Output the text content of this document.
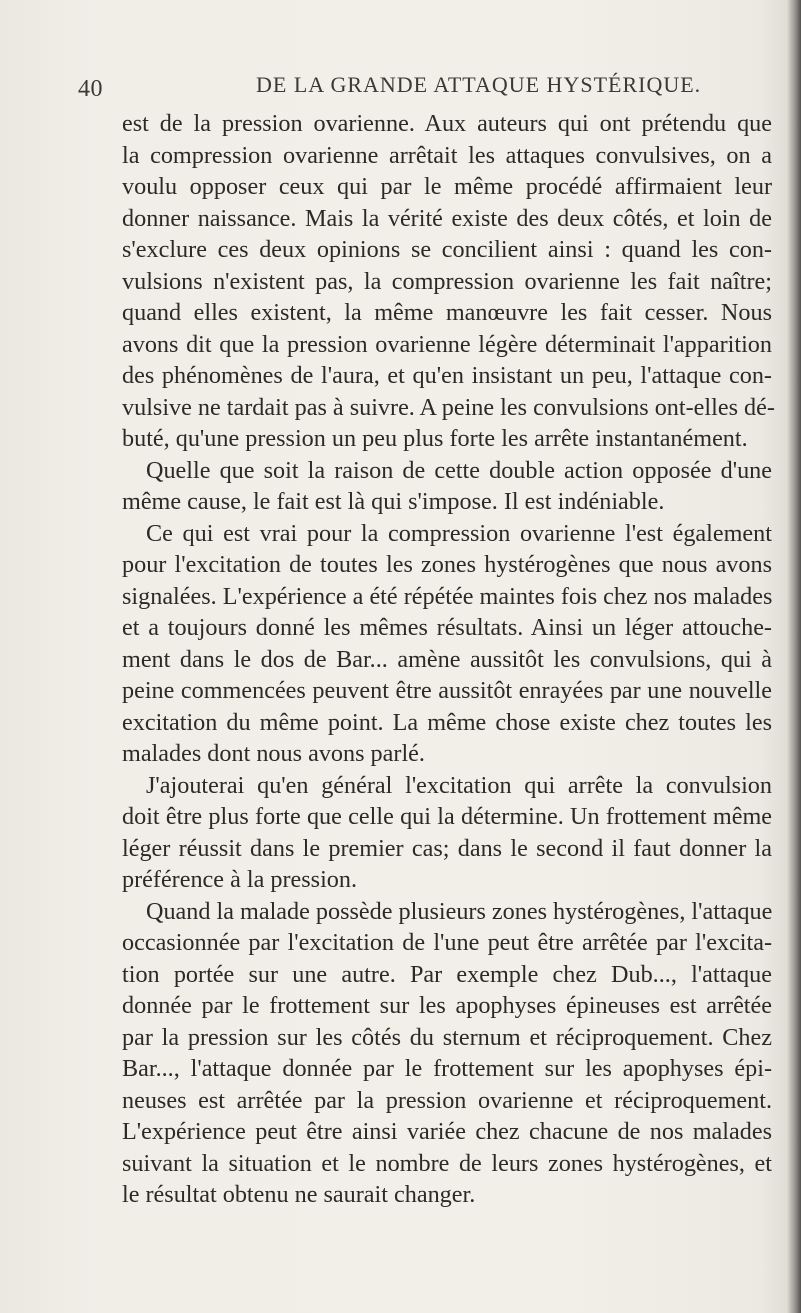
40	DE LA GRANDE ATTAQUE HYSTÉRIQUE.
est de la pression ovarienne. Aux auteurs qui ont prétendu que
la compression ovarienne arrêtait les attaques convulsives, on a
voulu opposer ceux qui par le même procédé affirmaient leur
donner naissance. Mais la vérité existe des deux côtés, et loin de
s'exclure ces deux opinions se concilient ainsi : quand les con-
vulsions n'existent pas, la compression ovarienne les fait naître;
quand elles existent, la même manœuvre les fait cesser. Nous
avons dit que la pression ovarienne légère déterminait l'apparition
des phénomènes de l'aura, et qu'en insistant un peu, l'attaque con-
vulsive ne tardait pas à suivre. A peine les convulsions ont-elles dé-
buté, qu'une pression un peu plus forte les arrête instantanément.
Quelle que soit la raison de cette double action opposée d'une
même cause, le fait est là qui s'impose. Il est indéniable.
Ce qui est vrai pour la compression ovarienne l'est également
pour l'excitation de toutes les zones hystérogènes que nous avons
signalées. L'expérience a été répétée maintes fois chez nos malades
et a toujours donné les mêmes résultats. Ainsi un léger attouche-
ment dans le dos de Bar... amène aussitôt les convulsions, qui à
peine commencées peuvent être aussitôt enrayées par une nouvelle
excitation du même point. La même chose existe chez toutes les
malades dont nous avons parlé.
J'ajouterai qu'en général l'excitation qui arrête la convulsion
doit être plus forte que celle qui la détermine. Un frottement même
léger réussit dans le premier cas; dans le second il faut donner la
préférence à la pression.
Quand la malade possède plusieurs zones hystérogènes, l'attaque
occasionnée par l'excitation de l'une peut être arrêtée par l'excita-
tion portée sur une autre. Par exemple chez Dub..., l'attaque
donnée par le frottement sur les apophyses épineuses est arrêtée
par la pression sur les côtés du sternum et réciproquement. Chez
Bar..., l'attaque donnée par le frottement sur les apophyses épi-
neuses est arrêtée par la pression ovarienne et réciproquement.
L'expérience peut être ainsi variée chez chacune de nos malades
suivant la situation et le nombre de leurs zones hystérogènes, et
le résultat obtenu ne saurait changer.
